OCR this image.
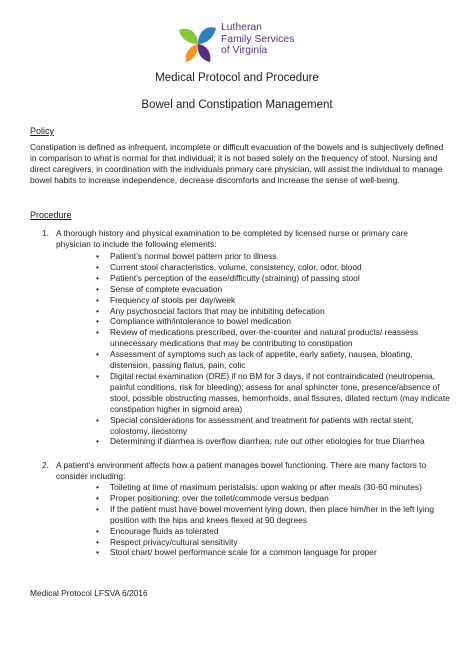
Lutheran
Family Services
of Virginia
Medical Protocol and Procedure
Bowel and Constipation Management
Policy
Constipation is defined as infrequent, incomplete or difficult evacuation of the bowels and is subjectively defined in comparison to what is normal for that individual; it is not based solely on the frequency of stool. Nursing and direct caregivers, in coordination with the individuals primary care physician, will assist the individual to manage bowel habits to increase independence, decrease discomforts and increase the sense of well-being.
Procedure
1. A thorough history and physical examination to be completed by licensed nurse or primary care physician to include the following elements:
• Patient’s normal bowel pattern prior to illness
• Current stool characteristics, volume, consistency, color, odor, blood
• Patient’s perception of the ease/difficulty (straining) of passing stool
• Sense of complete evacuation
• Frequency of stools per day/week
• Any psychosocial factors that may be inhibiting defecation
• Compliance with/intolerance to bowel medication
• Review of medications prescribed, over-the-counter and natural products/ reassess unnecessary medications that may be contributing to constipation
• Assessment of symptoms such as lack of appetite, early satiety, nausea, bloating, distension, passing flatus, pain, colic
• Digital rectal examination (DRE) if no BM for 3 days, if not contraindicated (neutropenia, painful conditions, risk for bleeding); assess for anal sphincter tone, presence/absence of stool, possible obstructing masses, hemorrhoids, anal fissures, dilated rectum (may indicate constipation higher in sigmoid area)
• Special considerations for assessment and treatment for patients with rectal stent, colostomy, ileostomy
• Determining if diarrhea is overflow diarrhea; rule out other etiologies for true Diarrhea
2. A patient’s environment affects how a patient manages bowel functioning. There are many factors to consider including:
• Toileting at time of maximum peristalsis: upon waking or after meals (30-60 minutes)
• Proper positioning: over the toilet/commode versus bedpan
• If the patient must have bowel movement lying down, then place him/her in the left lying position with the hips and knees flexed at 90 degrees
• Encourage fluids as tolerated
• Respect privacy/cultural sensitivity
• Stool chart/ bowel performance scale for a common language for proper
Medical Protocol LFSVA 6/2016
